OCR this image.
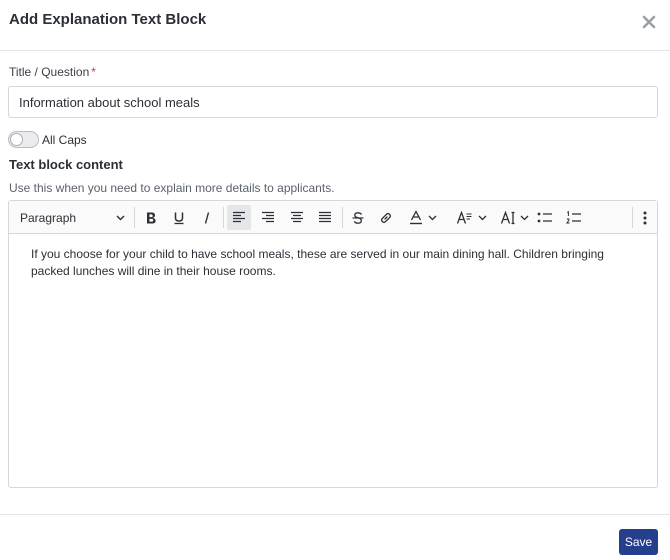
Add Explanation Text Block
Title / Question *
Information about school meals
All Caps
Text block content
Use this when you need to explain more details to applicants.
Paragraph
If you choose for your child to have school meals, these are served in our main dining hall. Children bringing packed lunches will dine in their house rooms.
Save
